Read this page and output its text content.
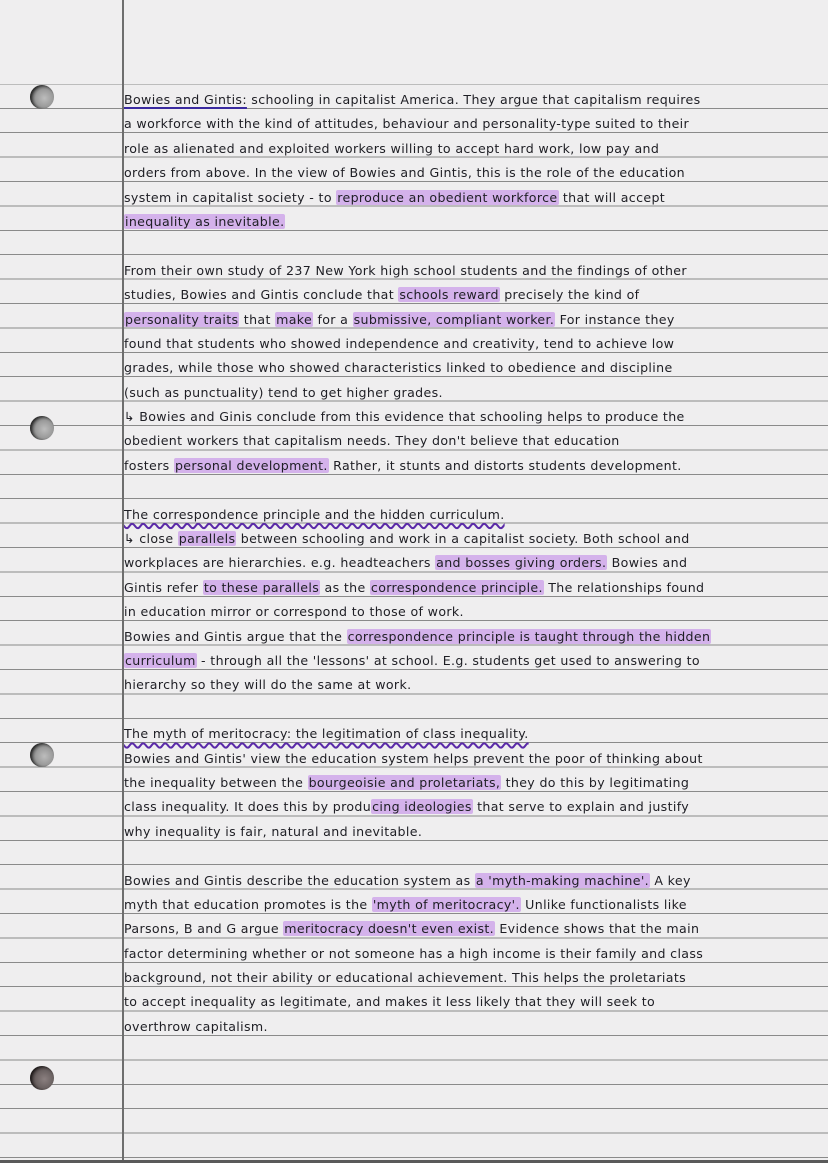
Bowies and Gintis: schooling in capitalist America. They argue that capitalism requires
a workforce with the kind of attitudes, behaviour and personality-type suited to their
role as alienated and exploited workers willing to accept hard work, low pay and
orders from above. In the view of Bowies and Gintis, this is the role of the education
system in capitalist society - to reproduce an obedient workforce that will accept
inequality as inevitable.
From their own study of 237 New York high school students and the findings of other
studies, Bowies and Gintis conclude that schools reward precisely the kind of
personality traits that make for a submissive, compliant worker. For instance they
found that students who showed independence and creativity, tend to achieve low
grades, while those who showed characteristics linked to obedience and discipline
(such as punctuality) tend to get higher grades.
↳ Bowies and Ginis conclude from this evidence that schooling helps to produce the
obedient workers that capitalism needs. They don't believe that education
fosters personal development. Rather, it stunts and distorts students development.
The correspondence principle and the hidden curriculum.
↳ close parallels between schooling and work in a capitalist society. Both school and
workplaces are hierarchies. e.g. headteachers and bosses giving orders. Bowies and
Gintis refer to these parallels as the correspondence principle. The relationships found
in education mirror or correspond to those of work.
Bowies and Gintis argue that the correspondence principle is taught through the hidden
curriculum - through all the 'lessons' at school. E.g. students get used to answering to
hierarchy so they will do the same at work.
The myth of meritocracy: the legitimation of class inequality.
Bowies and Gintis' view the education system helps prevent the poor of thinking about
the inequality between the bourgeoisie and proletariats, they do this by legitimating
class inequality. It does this by producing ideologies that serve to explain and justify
why inequality is fair, natural and inevitable.
Bowies and Gintis describe the education system as a 'myth-making machine'. A key
myth that education promotes is the 'myth of meritocracy'. Unlike functionalists like
Parsons, B and G argue meritocracy doesn't even exist. Evidence shows that the main
factor determining whether or not someone has a high income is their family and class
background, not their ability or educational achievement. This helps the proletariats
to accept inequality as legitimate, and makes it less likely that they will seek to
overthrow capitalism.
